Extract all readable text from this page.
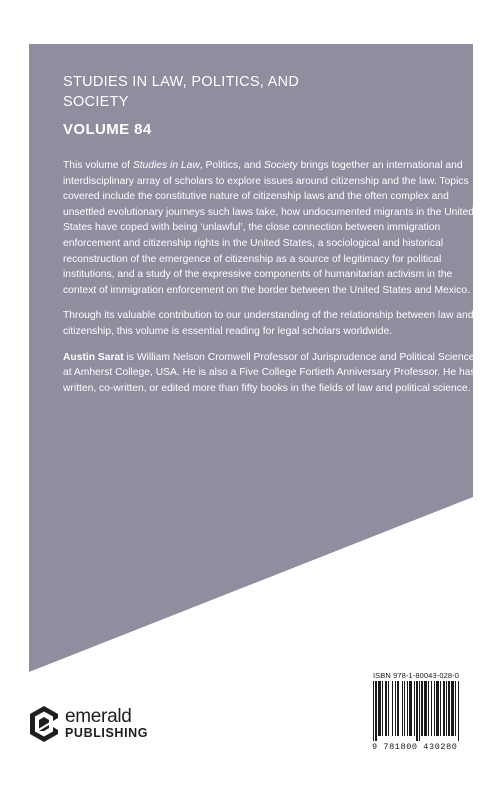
STUDIES IN LAW, POLITICS, AND SOCIETY
VOLUME 84

This volume of Studies in Law, Politics, and Society brings together an international and interdisciplinary array of scholars to explore issues around citizenship and the law. Topics covered include the constitutive nature of citizenship laws and the often complex and unsettled evolutionary journeys such laws take, how undocumented migrants in the United States have coped with being ‘unlawful’, the close connection between immigration enforcement and citizenship rights in the United States, a sociological and historical reconstruction of the emergence of citizenship as a source of legitimacy for political institutions, and a study of the expressive components of humanitarian activism in the context of immigration enforcement on the border between the United States and Mexico.

Through its valuable contribution to our understanding of the relationship between law and citizenship, this volume is essential reading for legal scholars worldwide.

Austin Sarat is William Nelson Cromwell Professor of Jurisprudence and Political Science at Amherst College, USA. He is also a Five College Fortieth Anniversary Professor. He has written, co-written, or edited more than fifty books in the fields of law and political science.

emerald
PUBLISHING
ISBN 978-1-80043-028-0
9 781800 430280
